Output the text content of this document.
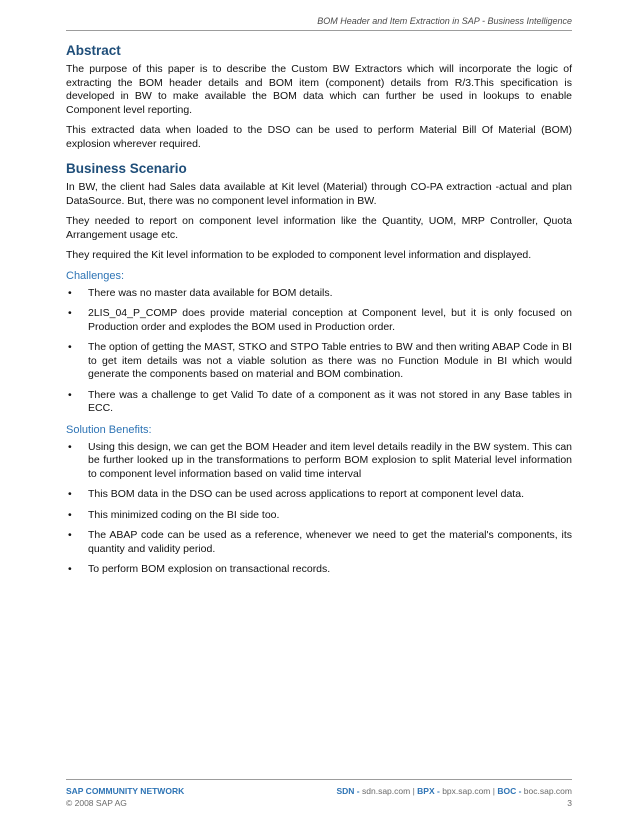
BOM Header and Item Extraction in SAP - Business Intelligence
Abstract

The purpose of this paper is to describe the Custom BW Extractors which will incorporate the logic of extracting the BOM header details and BOM item (component) details from R/3.This specification is developed in BW to make available the BOM data which can further be used in lookups to enable Component level reporting.

This extracted data when loaded to the DSO can be used to perform Material Bill Of Material (BOM) explosion wherever required.

Business Scenario

In BW, the client had Sales data available at Kit level (Material) through CO-PA extraction -actual and plan DataSource. But, there was no component level information in BW.

They needed to report on component level information like the Quantity, UOM, MRP Controller, Quota Arrangement usage etc.

They required the Kit level information to be exploded to component level information and displayed.

Challenges:
• There was no master data available for BOM details.
• 2LIS_04_P_COMP does provide material conception at Component level, but it is only focused on Production order and explodes the BOM used in Production order.
• The option of getting the MAST, STKO and STPO Table entries to BW and then writing ABAP Code in BI to get item details was not a viable solution as there was no Function Module in BI which would generate the components based on material and BOM combination.
• There was a challenge to get Valid To date of a component as it was not stored in any Base tables in ECC.
Solution Benefits:
• Using this design, we can get the BOM Header and item level details readily in the BW system. This can be further looked up in the transformations to perform BOM explosion to split Material level information to component level information based on valid time interval
• This BOM data in the DSO can be used across applications to report at component level data.
• This minimized coding on the BI side too.
• The ABAP code can be used as a reference, whenever we need to get the material's components, its quantity and validity period.
• To perform BOM explosion on transactional records.
SAP COMMUNITY NETWORK	SDN - sdn.sap.com | BPX - bpx.sap.com | BOC - boc.sap.com
© 2008 SAP AG	3
